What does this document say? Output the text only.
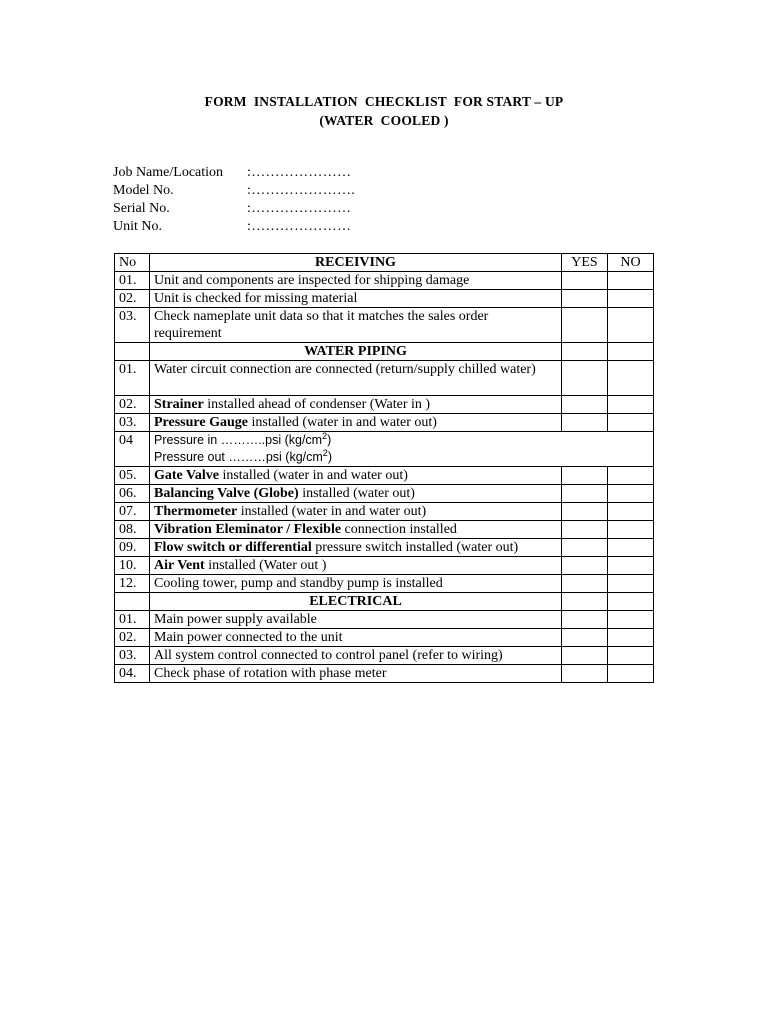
FORM  INSTALLATION  CHECKLIST  FOR START – UP
(WATER  COOLED )
Job Name/Location :…………………
Model No.	:………………….
Serial No.	:…………………
Unit No.	:…………………
No	RECEIVING	YES	NO
01.	Unit and components are inspected for shipping damage		
02.	Unit is checked for missing material		
03.	Check nameplate unit data so that it matches the sales order requirement		
	WATER PIPING		
01.	Water circuit connection are connected (return/supply chilled water)		
02.	Strainer installed ahead of condenser (Water in )		
03.	Pressure Gauge installed (water in and water out)		
04	Pressure in ………..psi $(kg/cm^2)$
Pressure out ………psi $(kg/cm^2)$		

05.	Gate Valve installed (water in and water out)		
06.	Balancing Valve (Globe) installed (water out)		
07.	Thermometer installed (water in and water out)		
08.	Vibration Eleminator / Flexible connection installed		
09.	Flow switch or differential pressure switch installed (water out)		
10.	Air Vent installed (Water out )		
12.	Cooling tower, pump and standby pump is installed		
	ELECTRICAL		
01.	Main power supply available		
02.	Main power connected to the unit		
03.	All system control connected to control panel (refer to wiring)		
04.	Check phase of rotation with phase meter		
